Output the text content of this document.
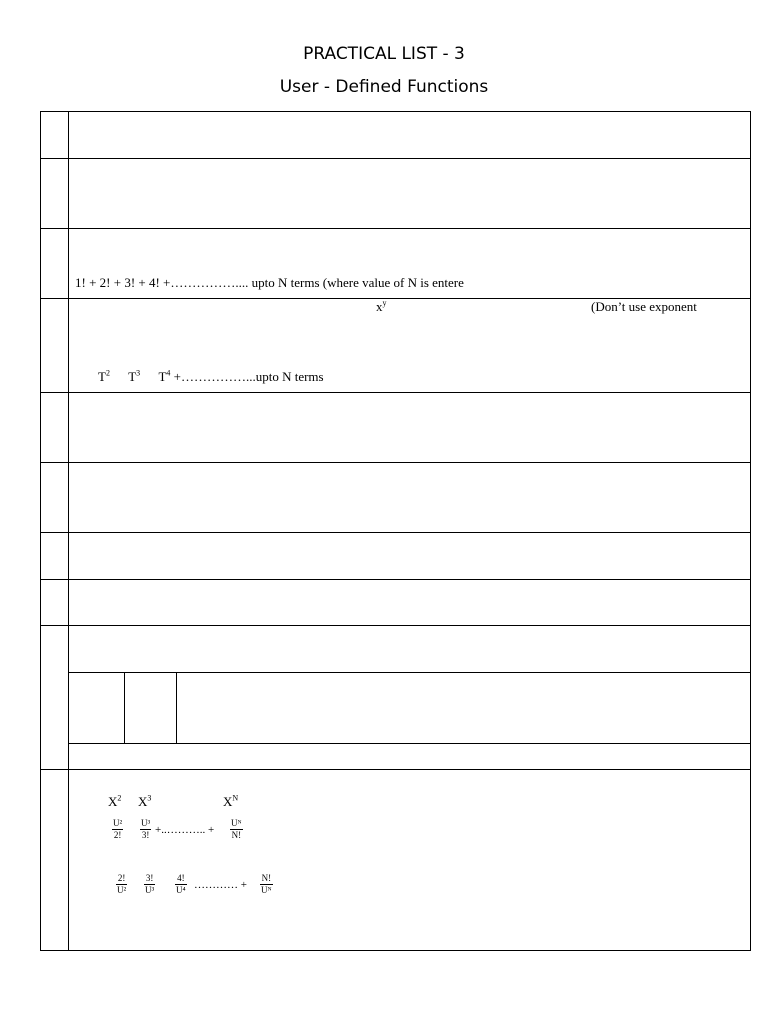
PRACTICAL LIST - 3
User - Defined Functions
1! + 2! + 3! + 4! +…………….... upto N terms (where value of N is entere
$x^y$	(Don’t use exponent
$T^2$ $T^3$ $T^4$ +……………...upto N terms
$X^2$ $X^3$	$X^N$
$\frac{\text{U²}}{2!} \frac{\text{U³}}{3!}$ +..……….. + $\frac{\text{Uᴺ}}{N!}$
$\frac{2!}{\text{U²}} \frac{3!}{\text{U³}} \frac{4!}{\text{U⁴}}$ ………… + $\frac{N!}{\text{Uᴺ}}$
